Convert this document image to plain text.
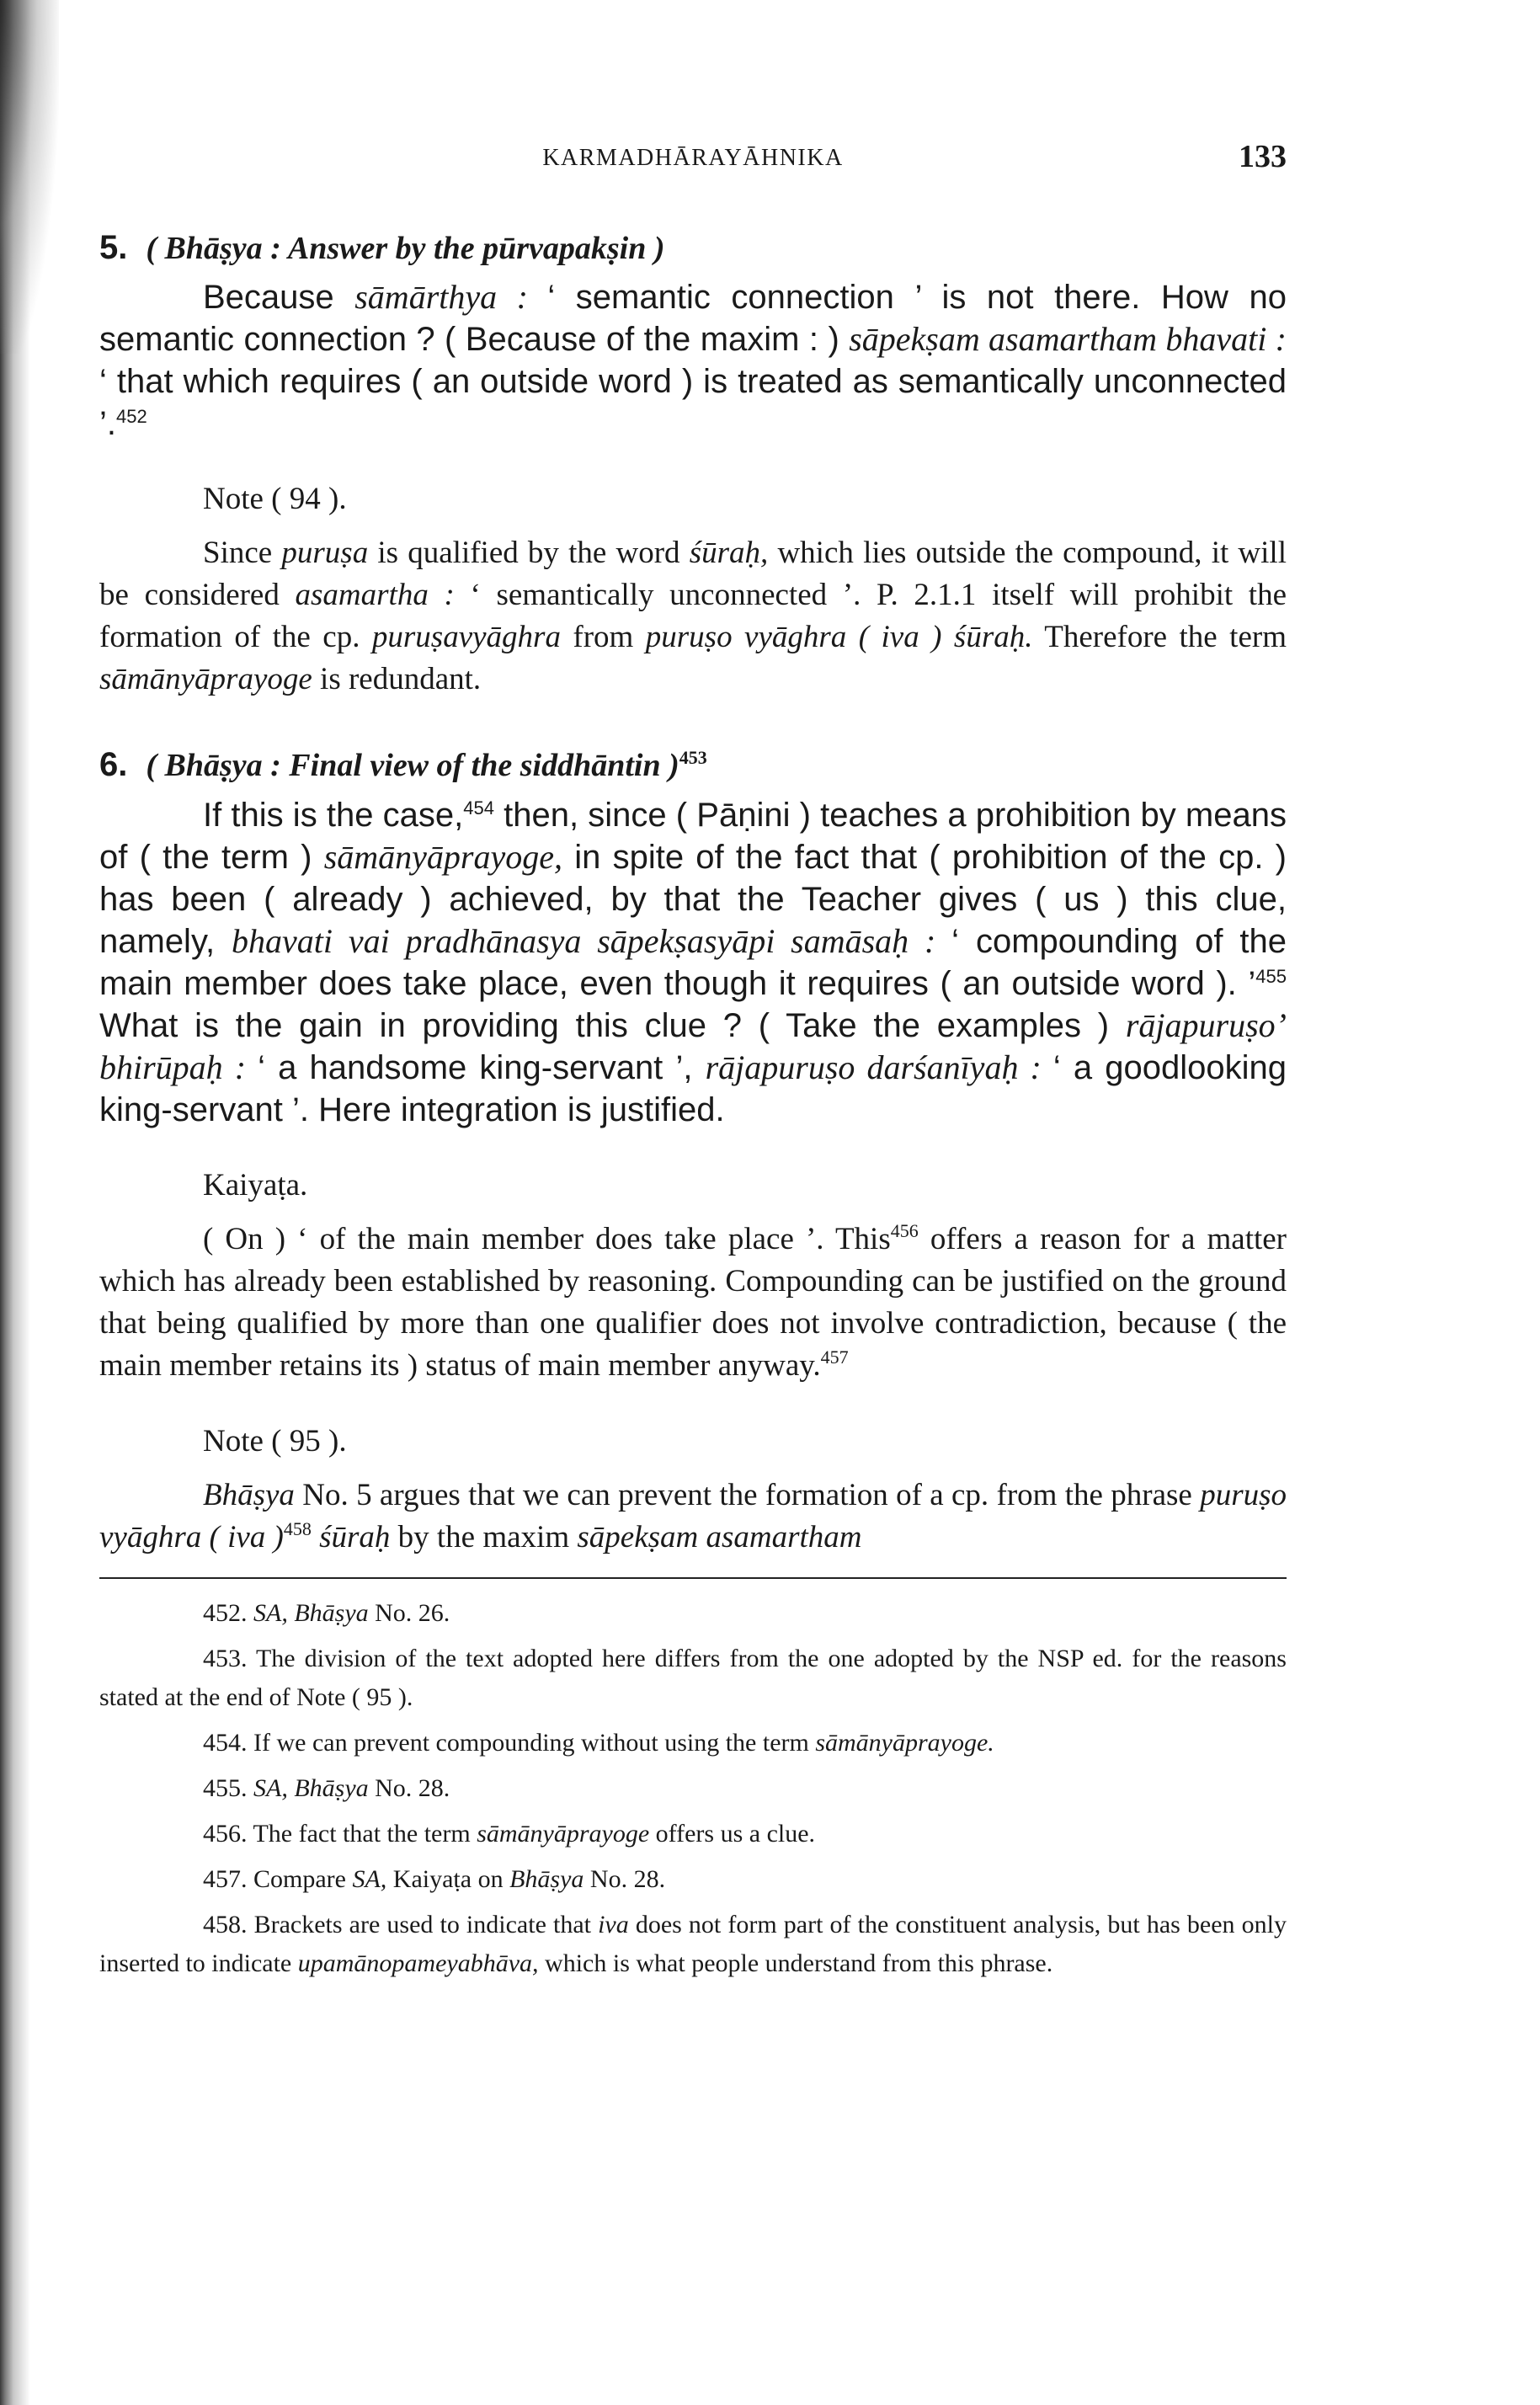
KARMADHĀRAYĀHNIKA	133
5. ( Bhāṣya : Answer by the pūrvapakṣin )

Because sāmārthya : ‘ semantic connection ’ is not there. How no semantic connection ? ( Because of the maxim : ) sāpekṣam asamartham bhavati : ‘ that which requires ( an outside word ) is treated as semantically unconnected ’.$^{452}$

Note ( 94 ).

Since puruṣa is qualified by the word śūraḥ, which lies outside the compound, it will be considered asamartha : ‘ semantically unconnected ’. P. 2.1.1 itself will prohibit the formation of the cp. puruṣavyāghra from puruṣo vyāghra ( iva ) śūraḥ. Therefore the term sāmānyāprayoge is redundant.

6. ( Bhāṣya : Final view of the siddhāntin )$^{453}$

If this is the case,$^{454}$ then, since ( Pāṇini ) teaches a prohibition by means of ( the term ) sāmānyāprayoge, in spite of the fact that ( prohibition of the cp. ) has been ( already ) achieved, by that the Teacher gives ( us ) this clue, namely, bhavati vai pradhānasya sāpekṣasyāpi samāsaḥ : ‘ compounding of the main member does take place, even though it requires ( an outside word ). ’$^{455}$ What is the gain in providing this clue ? ( Take the examples ) rājapuruṣo’ bhirūpaḥ : ‘ a handsome king-servant ’, rājapuruṣo darśanīyaḥ : ‘ a goodlooking king-servant ’. Here integration is justified.

Kaiyaṭa.

( On ) ‘ of the main member does take place ’. This$^{456}$ offers a reason for a matter which has already been established by reasoning. Compounding can be justified on the ground that being qualified by more than one qualifier does not involve contradiction, because ( the main member retains its ) status of main member anyway.$^{457}$

Note ( 95 ).

Bhāṣya No. 5 argues that we can prevent the formation of a cp. from the phrase puruṣo vyāghra ( iva )$^{458}$ śūraḥ by the maxim sāpekṣam asamartham

452. SA, Bhāṣya No. 26.

453. The division of the text adopted here differs from the one adopted by the NSP ed. for the reasons stated at the end of Note ( 95 ).

454. If we can prevent compounding without using the term sāmānyāprayoge.

455. SA, Bhāṣya No. 28.

456. The fact that the term sāmānyāprayoge offers us a clue.

457. Compare SA, Kaiyaṭa on Bhāṣya No. 28.

458. Brackets are used to indicate that iva does not form part of the constituent analysis, but has been only inserted to indicate upamānopameyabhāva, which is what people understand from this phrase.
